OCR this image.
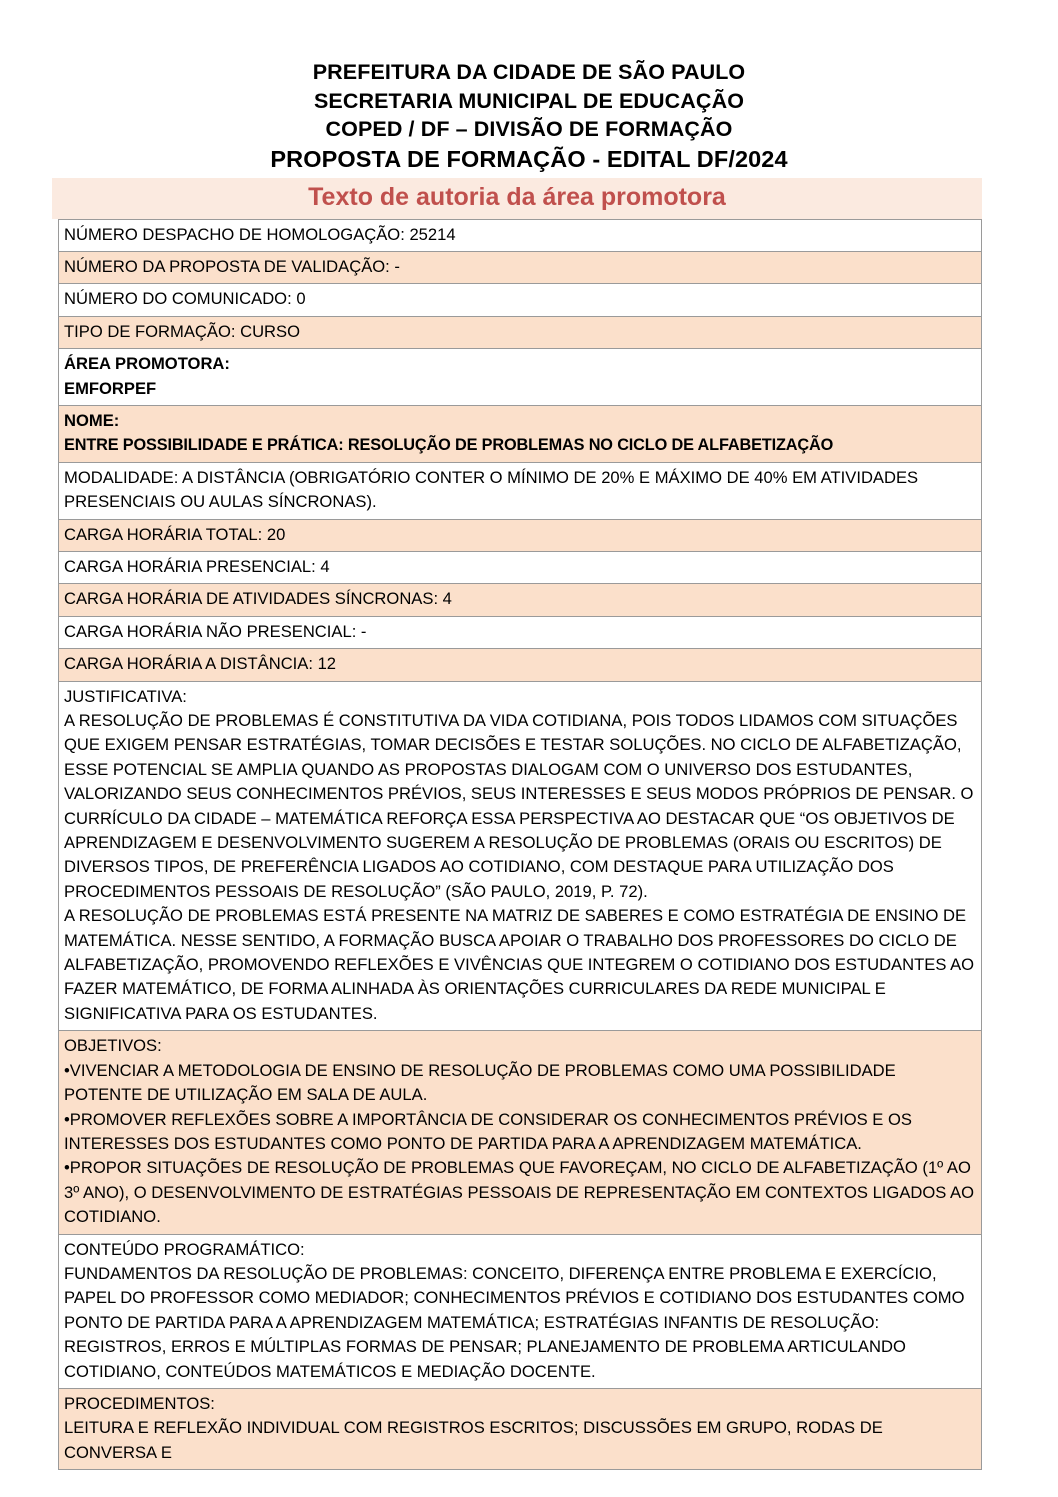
PREFEITURA DA CIDADE DE SÃO PAULO
SECRETARIA MUNICIPAL DE EDUCAÇÃO
COPED / DF – DIVISÃO DE FORMAÇÃO
PROPOSTA DE FORMAÇÃO - EDITAL DF/2024
Texto de autoria da área promotora
NÚMERO DESPACHO DE HOMOLOGAÇÃO: 25214
NÚMERO DA PROPOSTA DE VALIDAÇÃO: -
NÚMERO DO COMUNICADO: 0
TIPO DE FORMAÇÃO: CURSO

ÁREA PROMOTORA:
EMFORPEF

NOME:
ENTRE POSSIBILIDADE E PRÁTICA: RESOLUÇÃO DE PROBLEMAS NO CICLO DE ALFABETIZAÇÃO

MODALIDADE: A DISTÂNCIA (OBRIGATÓRIO CONTER O MÍNIMO DE 20% E MÁXIMO DE 40% EM ATIVIDADES PRESENCIAIS OU AULAS SÍNCRONAS).
CARGA HORÁRIA TOTAL: 20
CARGA HORÁRIA PRESENCIAL: 4
CARGA HORÁRIA DE ATIVIDADES SÍNCRONAS: 4
CARGA HORÁRIA NÃO PRESENCIAL: -
CARGA HORÁRIA A DISTÂNCIA: 12

JUSTIFICATIVA:
A RESOLUÇÃO DE PROBLEMAS É CONSTITUTIVA DA VIDA COTIDIANA, POIS TODOS LIDAMOS COM SITUAÇÕES QUE EXIGEM PENSAR ESTRATÉGIAS, TOMAR DECISÕES E TESTAR SOLUÇÕES. NO CICLO DE ALFABETIZAÇÃO, ESSE POTENCIAL SE AMPLIA QUANDO AS PROPOSTAS DIALOGAM COM O UNIVERSO DOS ESTUDANTES, VALORIZANDO SEUS CONHECIMENTOS PRÉVIOS, SEUS INTERESSES E SEUS MODOS PRÓPRIOS DE PENSAR. O CURRÍCULO DA CIDADE – MATEMÁTICA REFORÇA ESSA PERSPECTIVA AO DESTACAR QUE “OS OBJETIVOS DE APRENDIZAGEM E DESENVOLVIMENTO SUGEREM A RESOLUÇÃO DE PROBLEMAS (ORAIS OU ESCRITOS) DE DIVERSOS TIPOS, DE PREFERÊNCIA LIGADOS AO COTIDIANO, COM DESTAQUE PARA UTILIZAÇÃO DOS PROCEDIMENTOS PESSOAIS DE RESOLUÇÃO” (SÃO PAULO, 2019, P. 72).
A RESOLUÇÃO DE PROBLEMAS ESTÁ PRESENTE NA MATRIZ DE SABERES E COMO ESTRATÉGIA DE ENSINO DE MATEMÁTICA. NESSE SENTIDO, A FORMAÇÃO BUSCA APOIAR O TRABALHO DOS PROFESSORES DO CICLO DE ALFABETIZAÇÃO, PROMOVENDO REFLEXÕES E VIVÊNCIAS QUE INTEGREM O COTIDIANO DOS ESTUDANTES AO FAZER MATEMÁTICO, DE FORMA ALINHADA ÀS ORIENTAÇÕES CURRICULARES DA REDE MUNICIPAL E SIGNIFICATIVA PARA OS ESTUDANTES.

OBJETIVOS:
•VIVENCIAR A METODOLOGIA DE ENSINO DE RESOLUÇÃO DE PROBLEMAS COMO UMA POSSIBILIDADE POTENTE DE UTILIZAÇÃO EM SALA DE AULA.
•PROMOVER REFLEXÕES SOBRE A IMPORTÂNCIA DE CONSIDERAR OS CONHECIMENTOS PRÉVIOS E OS INTERESSES DOS ESTUDANTES COMO PONTO DE PARTIDA PARA A APRENDIZAGEM MATEMÁTICA.
•PROPOR SITUAÇÕES DE RESOLUÇÃO DE PROBLEMAS QUE FAVOREÇAM, NO CICLO DE ALFABETIZAÇÃO (1º AO 3º ANO), O DESENVOLVIMENTO DE ESTRATÉGIAS PESSOAIS DE REPRESENTAÇÃO EM CONTEXTOS LIGADOS AO COTIDIANO.

CONTEÚDO PROGRAMÁTICO:
FUNDAMENTOS DA RESOLUÇÃO DE PROBLEMAS: CONCEITO, DIFERENÇA ENTRE PROBLEMA E EXERCÍCIO, PAPEL DO PROFESSOR COMO MEDIADOR; CONHECIMENTOS PRÉVIOS E COTIDIANO DOS ESTUDANTES COMO PONTO DE PARTIDA PARA A APRENDIZAGEM MATEMÁTICA; ESTRATÉGIAS INFANTIS DE RESOLUÇÃO: REGISTROS, ERROS E MÚLTIPLAS FORMAS DE PENSAR; PLANEJAMENTO DE PROBLEMA ARTICULANDO COTIDIANO, CONTEÚDOS MATEMÁTICOS E MEDIAÇÃO DOCENTE.

PROCEDIMENTOS:
LEITURA E REFLEXÃO INDIVIDUAL COM REGISTROS ESCRITOS; DISCUSSÕES EM GRUPO, RODAS DE CONVERSA E
